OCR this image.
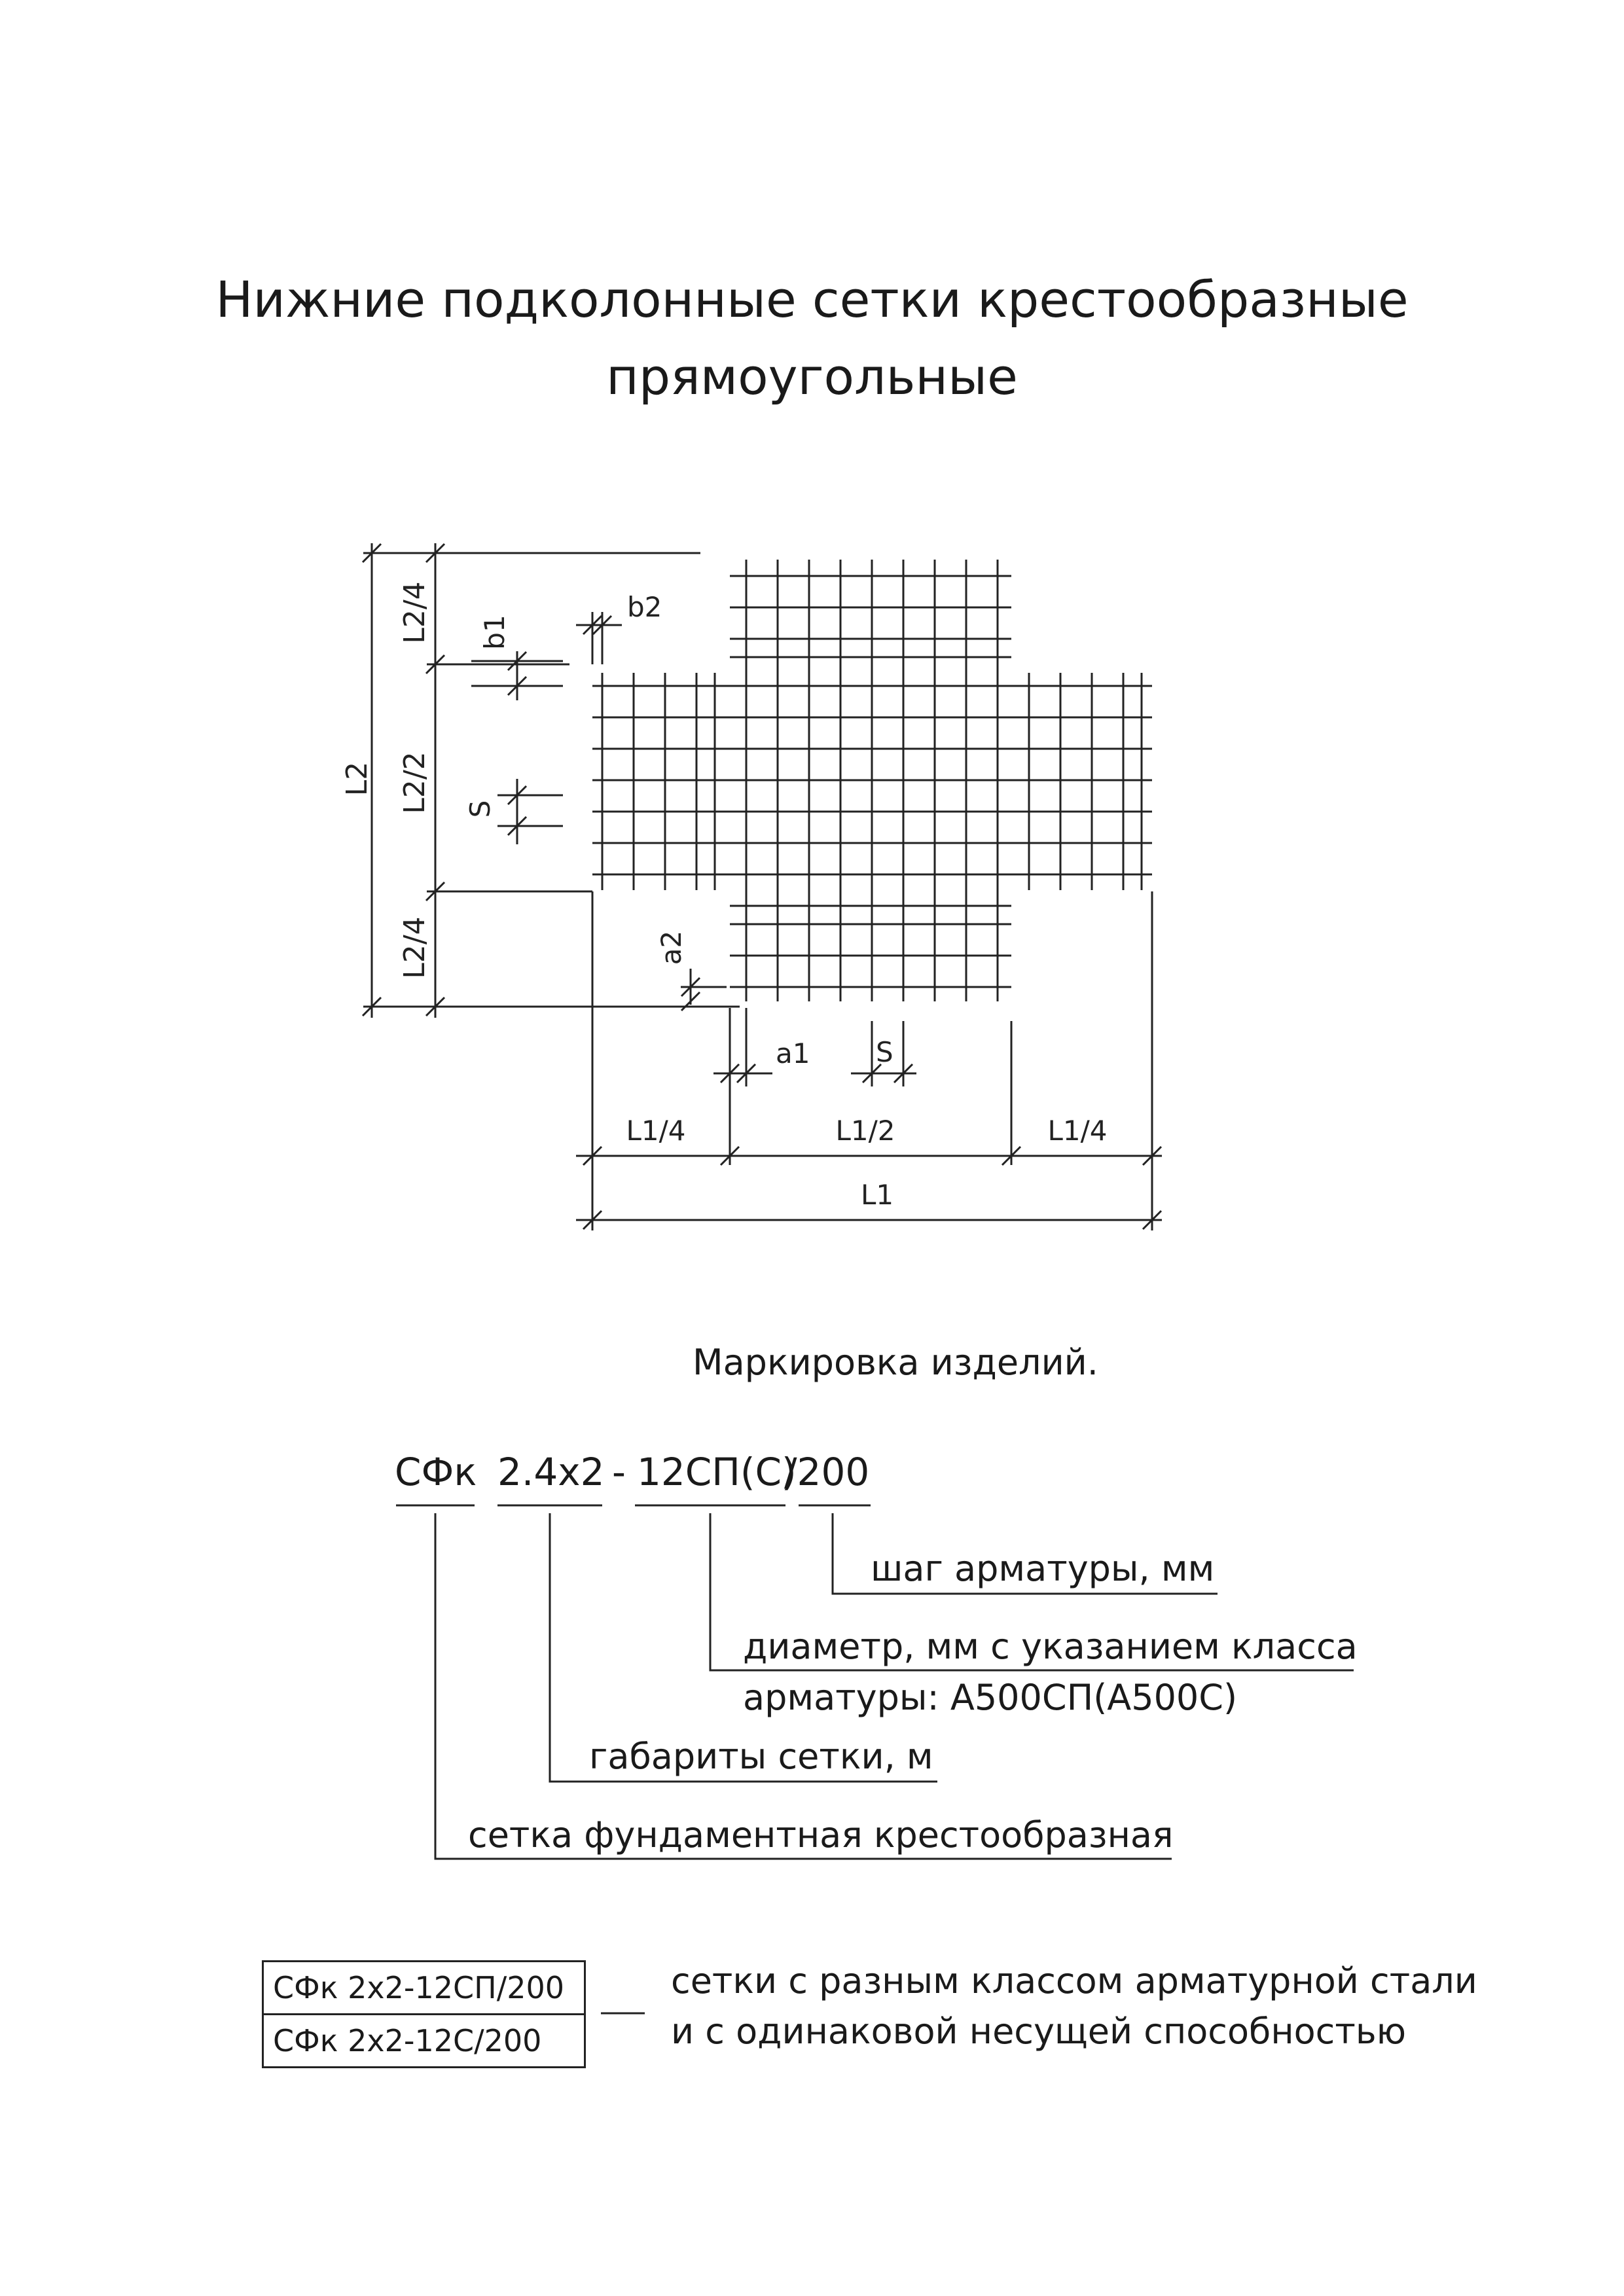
Нижние подколонные сетки крестообразные
прямоугольные
L2
L2/4
L2/2
L2/4
b1
S
a2
b2
a1 S
L1/4	L1/2	L1/4
L1
Маркировка изделий.
СФк 2.4х2 - 12СП(С)
/200
шаг арматуры, мм
диаметр, мм с указанием класса
арматуры: А500СП(А500С)
габариты сетки, м
сетка фундаментная крестообразная
СФк 2х2-12СП/200
СФк 2х2-12С/200
сетки с разным классом арматурной стали
и с одинаковой несущей способностью
